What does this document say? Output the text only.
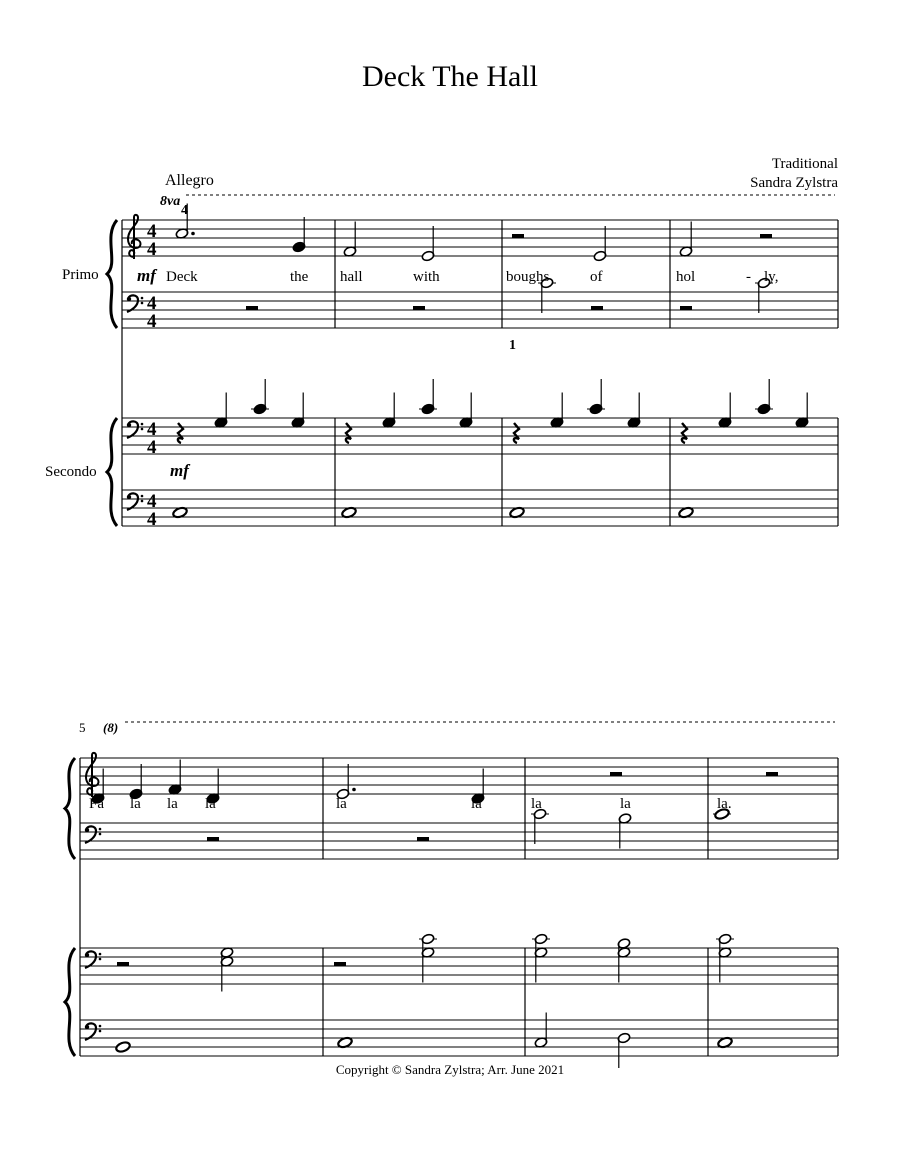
Deck The Hall
Traditional
Sandra Zylstra
Allegro
Copyright © Sandra Zylstra; Arr. June 2021
4
4
4
4
4
4
4
4
Primo
Secondo
8va
4
1
Deck	the hall	with	boughs	of	hol	- ly,
mf
mf
5 (8)
Fa la la la	la	la	la	la	la.
